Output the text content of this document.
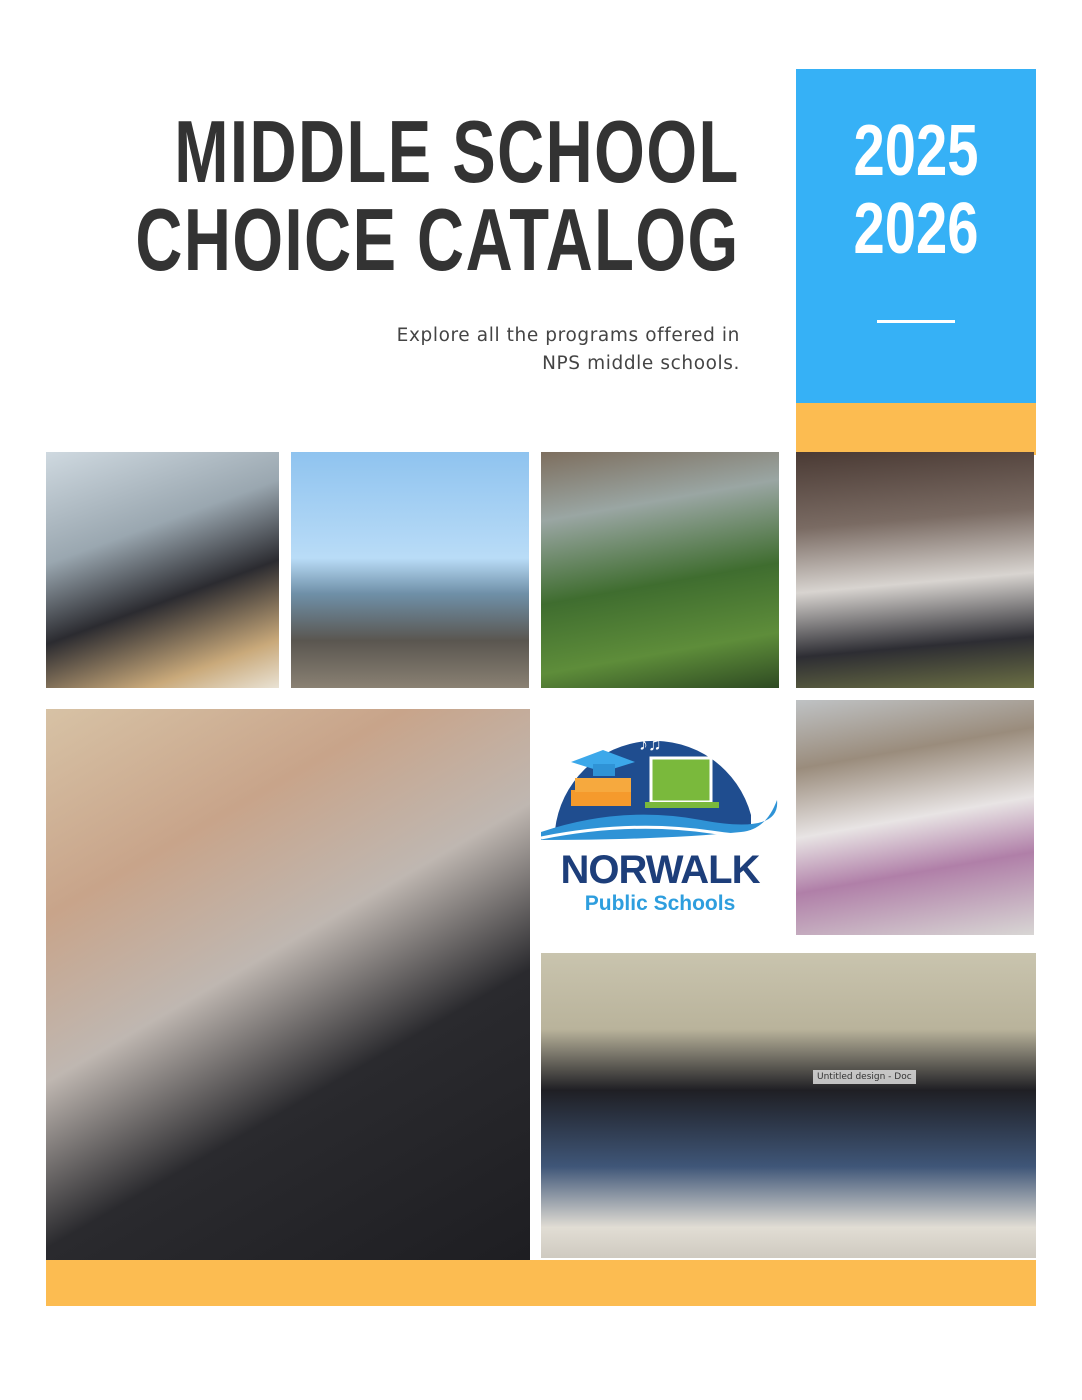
MIDDLE SCHOOL
CHOICE CATALOG
Explore all the programs offered in
NPS middle schools.
2025
2026
♪♫
NORWALK
Public Schools
Untitled design - Doc
